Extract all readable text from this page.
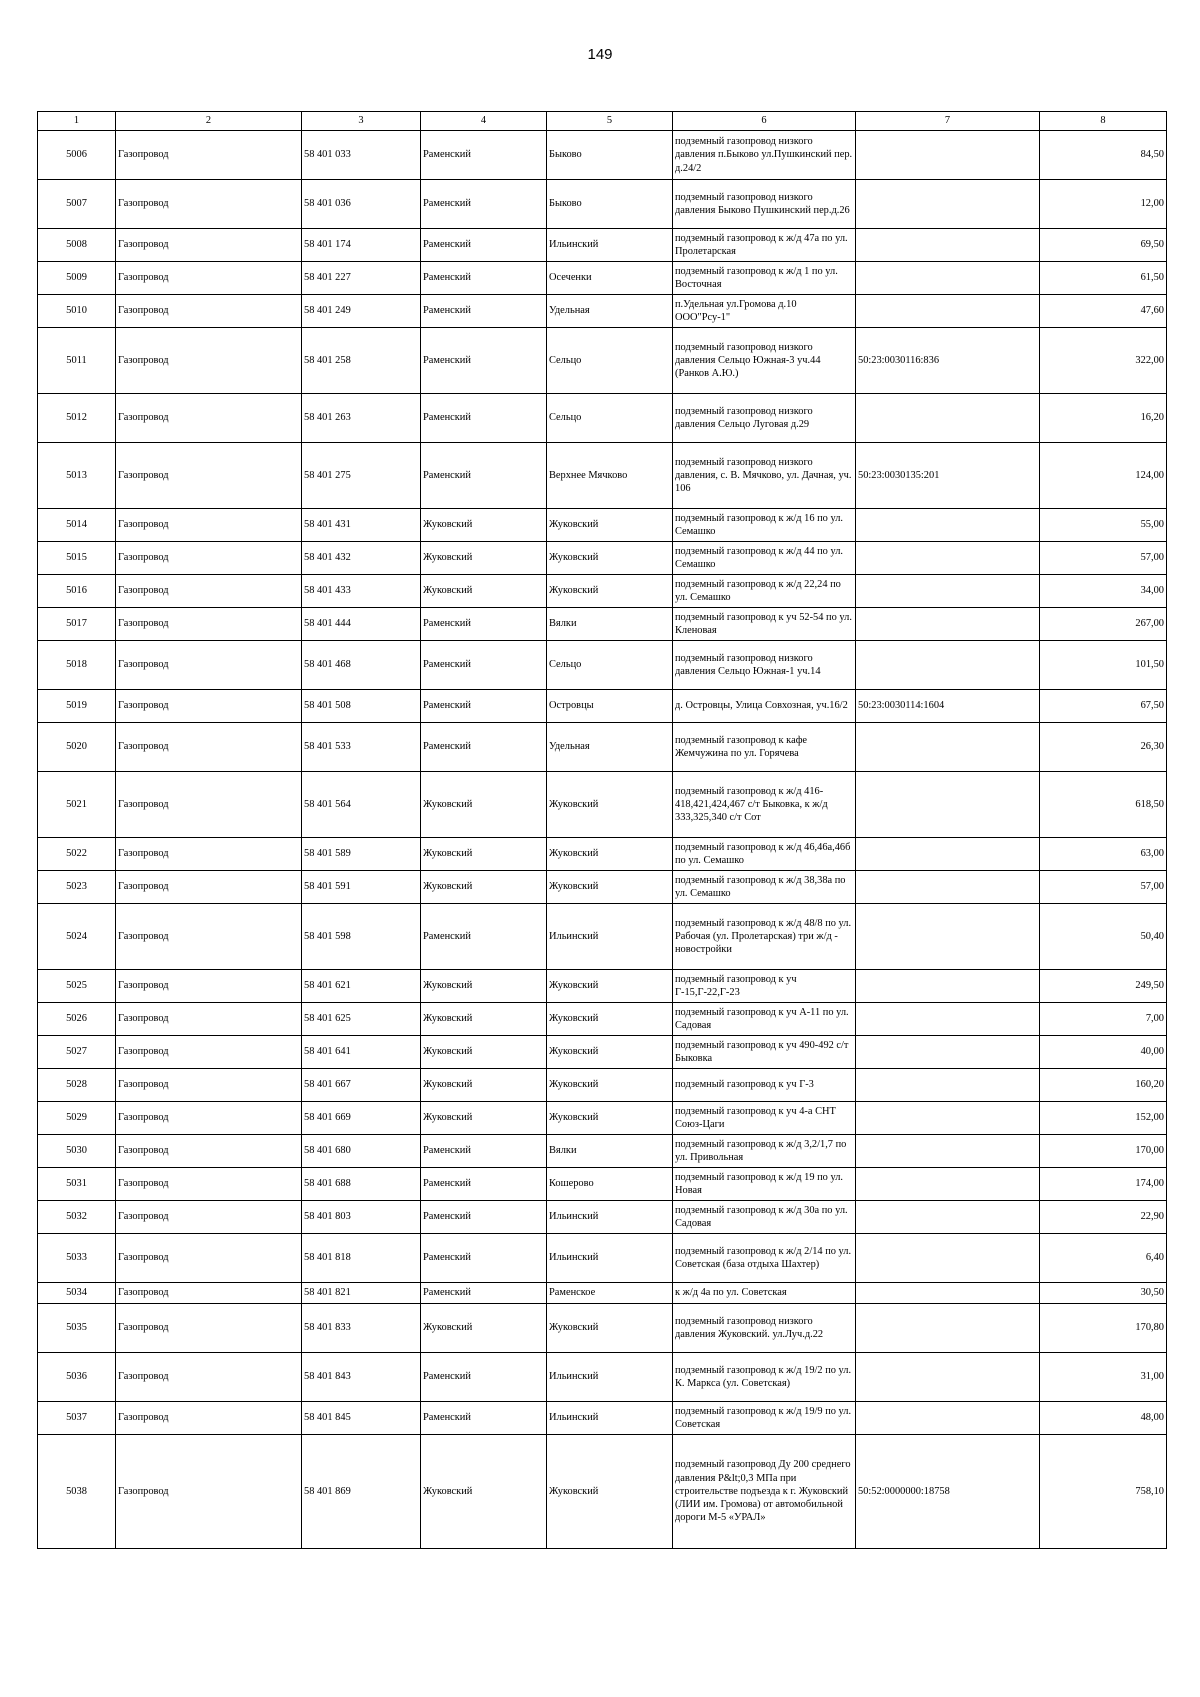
149
1	2	3	4	5	6	7	8
5006	Газопровод	58 401 033	Раменский	Быково	подземный газопровод низкого давления п.Быково ул.Пушкинский пер. д.24/2		84,50
5007	Газопровод	58 401 036	Раменский	Быково	подземный газопровод низкого давления Быково Пушкинский пер.д.26		12,00
5008	Газопровод	58 401 174	Раменский	Ильинский	подземный газопровод к ж/д 47а по ул. Пролетарская		69,50
5009	Газопровод	58 401 227	Раменский	Осеченки	подземный газопровод к ж/д 1 по ул. Восточная		61,50
5010	Газопровод	58 401 249	Раменский	Удельная	п.Удельная ул.Громова д.10 ООО"Рсу-1"		47,60
5011	Газопровод	58 401 258	Раменский	Сельцо	подземный газопровод низкого давления Сельцо Южная-3 уч.44 (Ранков А.Ю.)	50:23:0030116:836	322,00
5012	Газопровод	58 401 263	Раменский	Сельцо	подземный газопровод низкого давления Сельцо Луговая д.29		16,20
5013	Газопровод	58 401 275	Раменский	Верхнее Мячково	подземный газопровод низкого давления, с. В. Мячково, ул. Дачная, уч. 106	50:23:0030135:201	124,00
5014	Газопровод	58 401 431	Жуковский	Жуковский	подземный газопровод к ж/д 16 по ул. Семашко		55,00
5015	Газопровод	58 401 432	Жуковский	Жуковский	подземный газопровод к ж/д 44 по ул. Семашко		57,00
5016	Газопровод	58 401 433	Жуковский	Жуковский	подземный газопровод к ж/д 22,24 по ул. Семашко		34,00
5017	Газопровод	58 401 444	Раменский	Вялки	подземный газопровод к уч 52-54 по ул. Кленовая		267,00
5018	Газопровод	58 401 468	Раменский	Сельцо	подземный газопровод низкого давления Сельцо Южная-1 уч.14		101,50
5019	Газопровод	58 401 508	Раменский	Островцы	д. Островцы, Улица Совхозная, уч.16/2	50:23:0030114:1604	67,50
5020	Газопровод	58 401 533	Раменский	Удельная	подземный газопровод к кафе Жемчужина по ул. Горячева		26,30
5021	Газопровод	58 401 564	Жуковский	Жуковский	подземный газопровод к ж/д 416-418,421,424,467 с/т Быковка, к ж/д 333,325,340 с/т Сот		618,50
5022	Газопровод	58 401 589	Жуковский	Жуковский	подземный газопровод к ж/д 46,46а,46б по ул. Семашко		63,00
5023	Газопровод	58 401 591	Жуковский	Жуковский	подземный газопровод к ж/д 38,38а по ул. Семашко		57,00
5024	Газопровод	58 401 598	Раменский	Ильинский	подземный газопровод к ж/д 48/8 по ул. Рабочая (ул. Пролетарская) три ж/д - новостройки		50,40
5025	Газопровод	58 401 621	Жуковский	Жуковский	подземный газопровод к уч Г-15,Г-22,Г-23		249,50
5026	Газопровод	58 401 625	Жуковский	Жуковский	подземный газопровод к уч А-11 по ул. Садовая		7,00
5027	Газопровод	58 401 641	Жуковский	Жуковский	подземный газопровод к уч 490-492 с/т Быковка		40,00
5028	Газопровод	58 401 667	Жуковский	Жуковский	подземный газопровод к уч Г-3		160,20
5029	Газопровод	58 401 669	Жуковский	Жуковский	подземный газопровод к уч 4-а СНТ Союз-Цаги		152,00
5030	Газопровод	58 401 680	Раменский	Вялки	подземный газопровод к ж/д 3,2/1,7 по ул. Привольная		170,00
5031	Газопровод	58 401 688	Раменский	Кошерово	подземный газопровод к ж/д 19 по ул. Новая		174,00
5032	Газопровод	58 401 803	Раменский	Ильинский	подземный газопровод к ж/д 30а по ул. Садовая		22,90
5033	Газопровод	58 401 818	Раменский	Ильинский	подземный газопровод к ж/д 2/14 по ул. Советская (база отдыха Шахтер)		6,40
5034	Газопровод	58 401 821	Раменский	Раменское	к ж/д 4а по ул. Советская		30,50
5035	Газопровод	58 401 833	Жуковский	Жуковский	подземный газопровод низкого давления Жуковский. ул.Луч.д.22		170,80
5036	Газопровод	58 401 843	Раменский	Ильинский	подземный газопровод к ж/д 19/2 по ул. К. Маркса (ул. Советская)		31,00
5037	Газопровод	58 401 845	Раменский	Ильинский	подземный газопровод к ж/д 19/9 по ул. Советская		48,00
5038	Газопровод	58 401 869	Жуковский	Жуковский	подземный газопровод Ду 200 среднего давления P&lt;0,3 МПа при строительстве подъезда к г. Жуковский (ЛИИ им. Громова) от автомобильной дороги М-5 «УРАЛ»	50:52:0000000:18758	758,10
